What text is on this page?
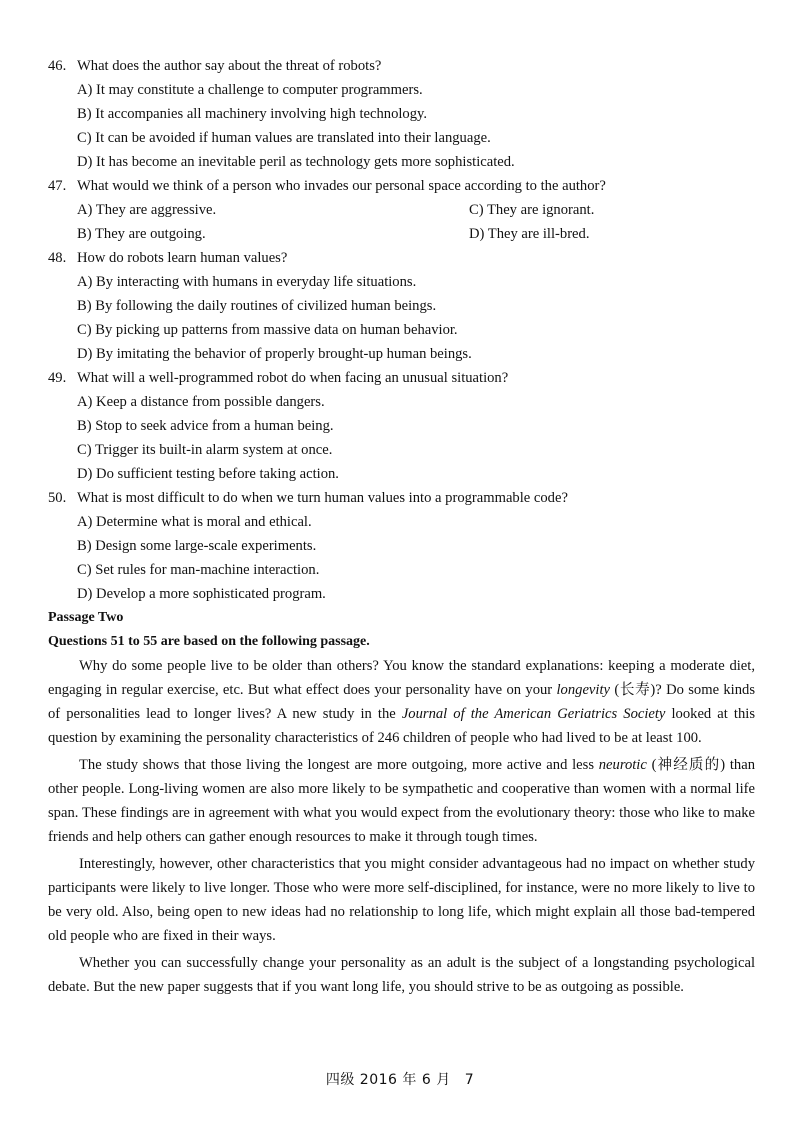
46. What does the author say about the threat of robots?
A) It may constitute a challenge to computer programmers.
B) It accompanies all machinery involving high technology.
C) It can be avoided if human values are translated into their language.
D) It has become an inevitable peril as technology gets more sophisticated.
47. What would we think of a person who invades our personal space according to the author?
A) They are aggressive.	C) They are ignorant.
B) They are outgoing.	D) They are ill-bred.
48. How do robots learn human values?
A) By interacting with humans in everyday life situations.
B) By following the daily routines of civilized human beings.
C) By picking up patterns from massive data on human behavior.
D) By imitating the behavior of properly brought-up human beings.
49. What will a well-programmed robot do when facing an unusual situation?
A) Keep a distance from possible dangers.
B) Stop to seek advice from a human being.
C) Trigger its built-in alarm system at once.
D) Do sufficient testing before taking action.
50. What is most difficult to do when we turn human values into a programmable code?
A) Determine what is moral and ethical.
B) Design some large-scale experiments.
C) Set rules for man-machine interaction.
D) Develop a more sophisticated program.
Passage Two
Questions 51 to 55 are based on the following passage.

Why do some people live to be older than others? You know the standard explanations: keeping a moderate diet, engaging in regular exercise, etc. But what effect does your personality have on your longevity (长寿)? Do some kinds of personalities lead to longer lives? A new study in the Journal of the American Geriatrics Society looked at this question by examining the personality characteristics of 246 children of people who had lived to be at least 100.

The study shows that those living the longest are more outgoing, more active and less neurotic (神经质的) than other people. Long-living women are also more likely to be sympathetic and cooperative than women with a normal life span. These findings are in agreement with what you would expect from the evolutionary theory: those who like to make friends and help others can gather enough resources to make it through tough times.

Interestingly, however, other characteristics that you might consider advantageous had no impact on whether study participants were likely to live longer. Those who were more self-disciplined, for instance, were no more likely to live to be very old. Also, being open to new ideas had no relationship to long life, which might explain all those bad-tempered old people who are fixed in their ways.

Whether you can successfully change your personality as an adult is the subject of a longstanding psychological debate. But the new paper suggests that if you want long life, you should strive to be as outgoing as possible.

四级 2016 年 6 月 7
